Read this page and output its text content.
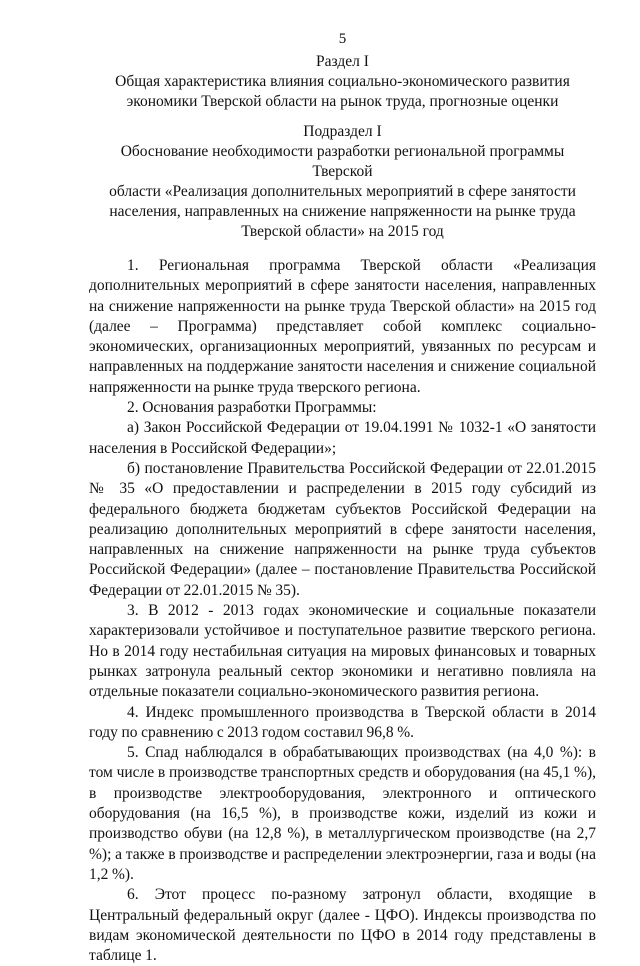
5
Раздел I
Общая характеристика влияния социально-экономического развития
экономики Тверской области на рынок труда, прогнозные оценки
Подраздел I
Обоснование необходимости разработки региональной программы Тверской
области «Реализация дополнительных мероприятий в сфере занятости
населения, направленных на снижение напряженности на рынке труда
Тверской области» на 2015 год

1. Региональная программа Тверской области «Реализация дополнительных мероприятий в сфере занятости населения, направленных на снижение напряженности на рынке труда Тверской области» на 2015 год (далее – Программа) представляет собой комплекс социально-экономических, организационных мероприятий, увязанных по ресурсам и направленных на поддержание занятости населения и снижение социальной напряженности на рынке труда тверского региона.

2. Основания разработки Программы:

а) Закон Российской Федерации от 19.04.1991 № 1032-1 «О занятости населения в Российской Федерации»;

б) постановление Правительства Российской Федерации от 22.01.2015 № 35 «О предоставлении и распределении в 2015 году субсидий из федерального бюджета бюджетам субъектов Российской Федерации на реализацию дополнительных мероприятий в сфере занятости населения, направленных на снижение напряженности на рынке труда субъектов Российской Федерации» (далее – постановление Правительства Российской Федерации от 22.01.2015 № 35).

3. В 2012 - 2013 годах экономические и социальные показатели характеризовали устойчивое и поступательное развитие тверского региона. Но в 2014 году нестабильная ситуация на мировых финансовых и товарных рынках затронула реальный сектор экономики и негативно повлияла на отдельные показатели социально-экономического развития региона.

4. Индекс промышленного производства в Тверской области в 2014 году по сравнению с 2013 годом составил 96,8 %.

5. Спад наблюдался в обрабатывающих производствах (на 4,0 %): в том числе в производстве транспортных средств и оборудования (на 45,1 %), в производстве электрооборудования, электронного и оптического оборудования (на 16,5 %), в производстве кожи, изделий из кожи и производство обуви (на 12,8 %), в металлургическом производстве (на 2,7 %); а также в производстве и распределении электроэнергии, газа и воды (на 1,2 %).

6. Этот процесс по-разному затронул области, входящие в Центральный федеральный округ (далее - ЦФО). Индексы производства по видам экономической деятельности по ЦФО в 2014 году представлены в таблице 1.
